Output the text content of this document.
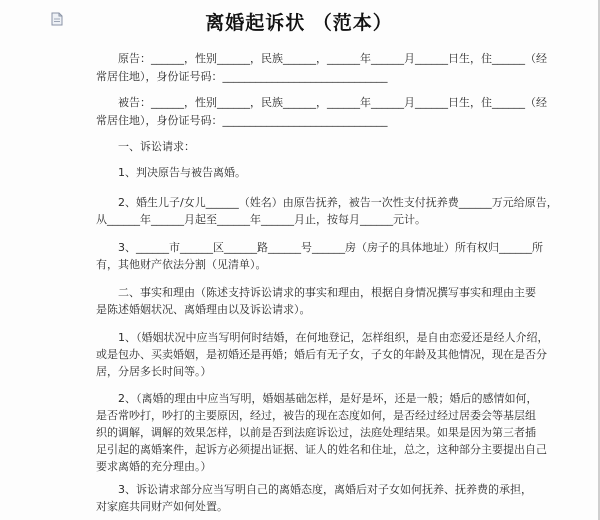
离婚起诉状 （范本）
原告：______，性别______，民族______，______年______月______日生，住______（经
常居住地），身份证号码：______________________________
被告：______，性别______，民族______，______年______月______日生，住______（经
常居住地），身份证号码：______________________________
一、诉讼请求：
1、判决原告与被告离婚。
2、婚生儿子/女儿______（姓名）由原告抚养，被告一次性支付抚养费______万元给原告，
从______年______月起至______年______月止，按每月______元计。
3、______市______区______路______号______房（房子的具体地址）所有权归______所
有，其他财产依法分割（见清单）。
二、事实和理由（陈述支持诉讼请求的事实和理由，根据自身情况撰写事实和理由主要
是陈述婚姻状况、离婚理由以及诉讼请求）。
1、（婚姻状况中应当写明何时结婚，在何地登记，怎样组织，是自由恋爱还是经人介绍，
或是包办、买卖婚姻，是初婚还是再婚；婚后有无子女，子女的年龄及其他情况，现在是否分
居，分居多长时间等。）
2、（离婚的理由中应当写明，婚姻基础怎样，是好是坏，还是一般；婚后的感情如何，
是否常吵打，吵打的主要原因，经过，被告的现在态度如何，是否经过经过居委会等基层组
织的调解，调解的效果怎样，以前是否到法庭诉讼过，法庭处理结果。如果是因为第三者插
足引起的离婚案件，起诉方必须提出证据、证人的姓名和住址，总之，这种部分主要提出自己
要求离婚的充分理由。）
3、诉讼请求部分应当写明自己的离婚态度，离婚后对子女如何抚养、抚养费的承担，
对家庭共同财产如何处置。
